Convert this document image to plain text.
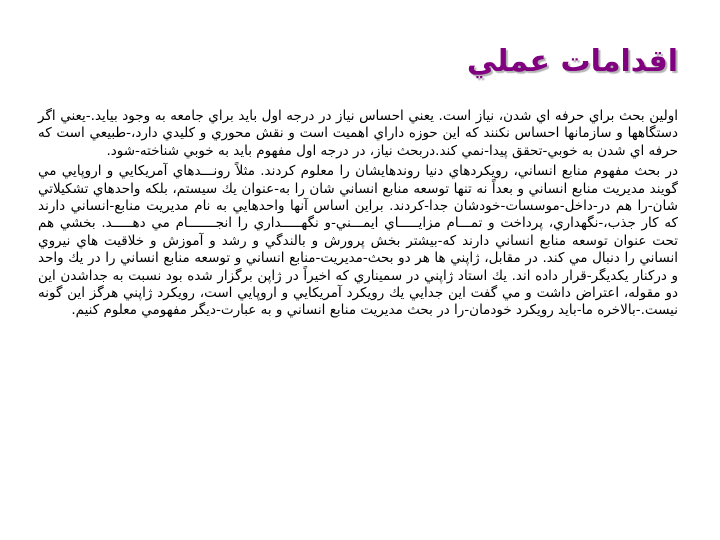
اقدامات عملي

اولين بحث براي حرفه اي شدن، نياز است. يعني احساس نياز در درجه اول بايد براي جامعه به وجود بيايد.-يعني اگر دستگاهها و سازمانها احساس نكنند كه اين حوزه داراي اهميت است و نقش محوري و كليدي دارد،-طبيعي است كه حرفه اي شدن به خوبي-تحقق پيدا-نمي كند.دربحث نياز، در درجه اول مفهوم بايد به خوبي شناخته-شود.

در بحث مفهوم منابع انساني، رويكردهاي دنيا روندهايشان را معلوم كردند. مثلاً رونـــدهاي آمريكايي و اروپايي مي گويند مديريت منابع انساني و بعداً نه تنها توسعه منابع انساني شان را به-عنوان يك سيستم، بلكه واحدهاي تشكيلاتي شان-را هم در-داخل-موسسات-خودشان جدا-كردند. براين اساس آنها واحدهايي به نام مديريت منابع-انساني دارند كه كار جذب،-نگهداري، پرداخت و تمـــام مزايـــــاي ايمـــني-و نگهـــــداري را انجـــــــام مي دهـــــد. بخشي هم تحت عنوان توسعه منابع انساني دارند كه-بيشتر بخش پرورش و بالندگي و رشد و آموزش و خلاقيت هاي نيروي انساني را دنبال مي كند. در مقابل، ژاپني ها هر دو بحث-مديريت-منابع انساني و توسعه منابع انساني را در يك واحد و دركنار يكديگر-قرار داده اند. يك استاد ژاپني در سميناري كه اخيراً در ژاپن برگزار شده بود نسبت به جداشدن اين دو مقوله، اعتراض داشت و مي گفت اين جدايي يك رويكرد آمريكايي و اروپايي است، رويكرد ژاپني هرگز اين گونه نيست.-بالاخره ما-بايد رويكرد خودمان-را در بحث مديريت منابع انساني و به عبارت-ديگر مفهومي معلوم كنيم.
